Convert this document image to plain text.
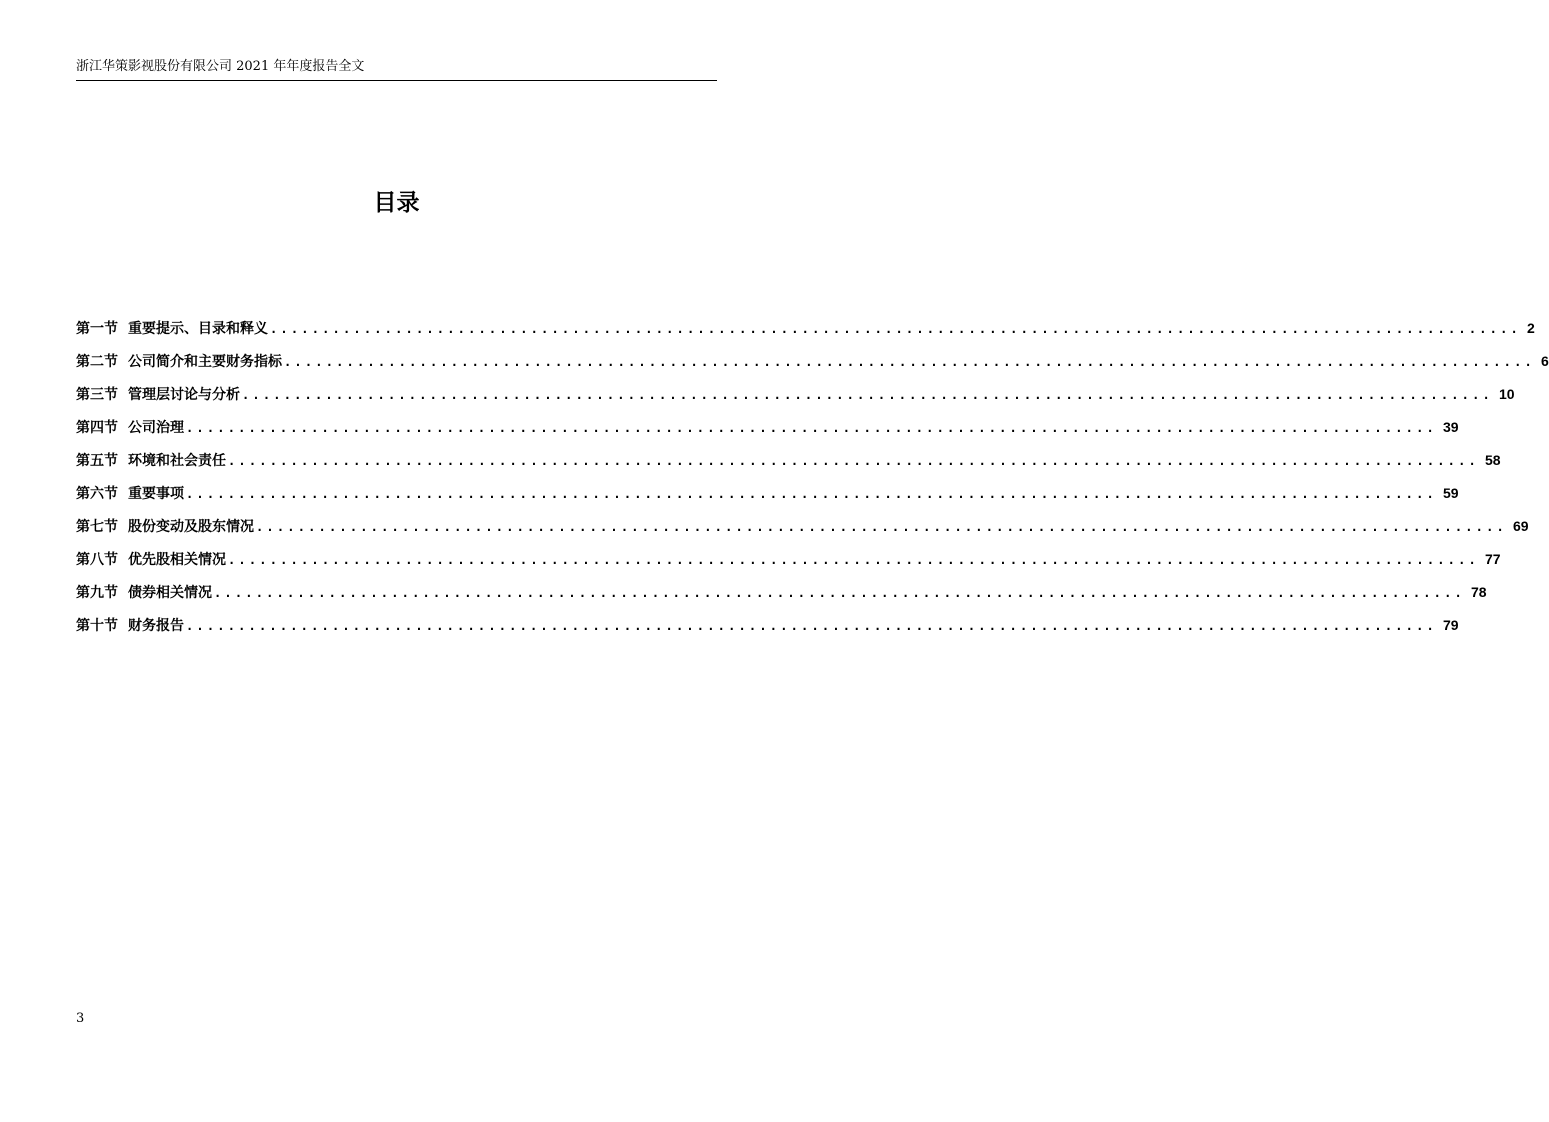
浙江华策影视股份有限公司 2021 年年度报告全文
目录
第一节 重要提示、目录和释义 ........................................................................................................................ 2
第二节 公司简介和主要财务指标 ........................................................................................................................ 6
第三节 管理层讨论与分析 ........................................................................................................................ 10
第四节 公司治理 ........................................................................................................................ 39
第五节 环境和社会责任 ........................................................................................................................ 58
第六节 重要事项 ........................................................................................................................ 59
第七节 股份变动及股东情况 ........................................................................................................................ 69
第八节 优先股相关情况 ........................................................................................................................ 77
第九节 债券相关情况 ........................................................................................................................ 78
第十节 财务报告 ........................................................................................................................ 79
3
